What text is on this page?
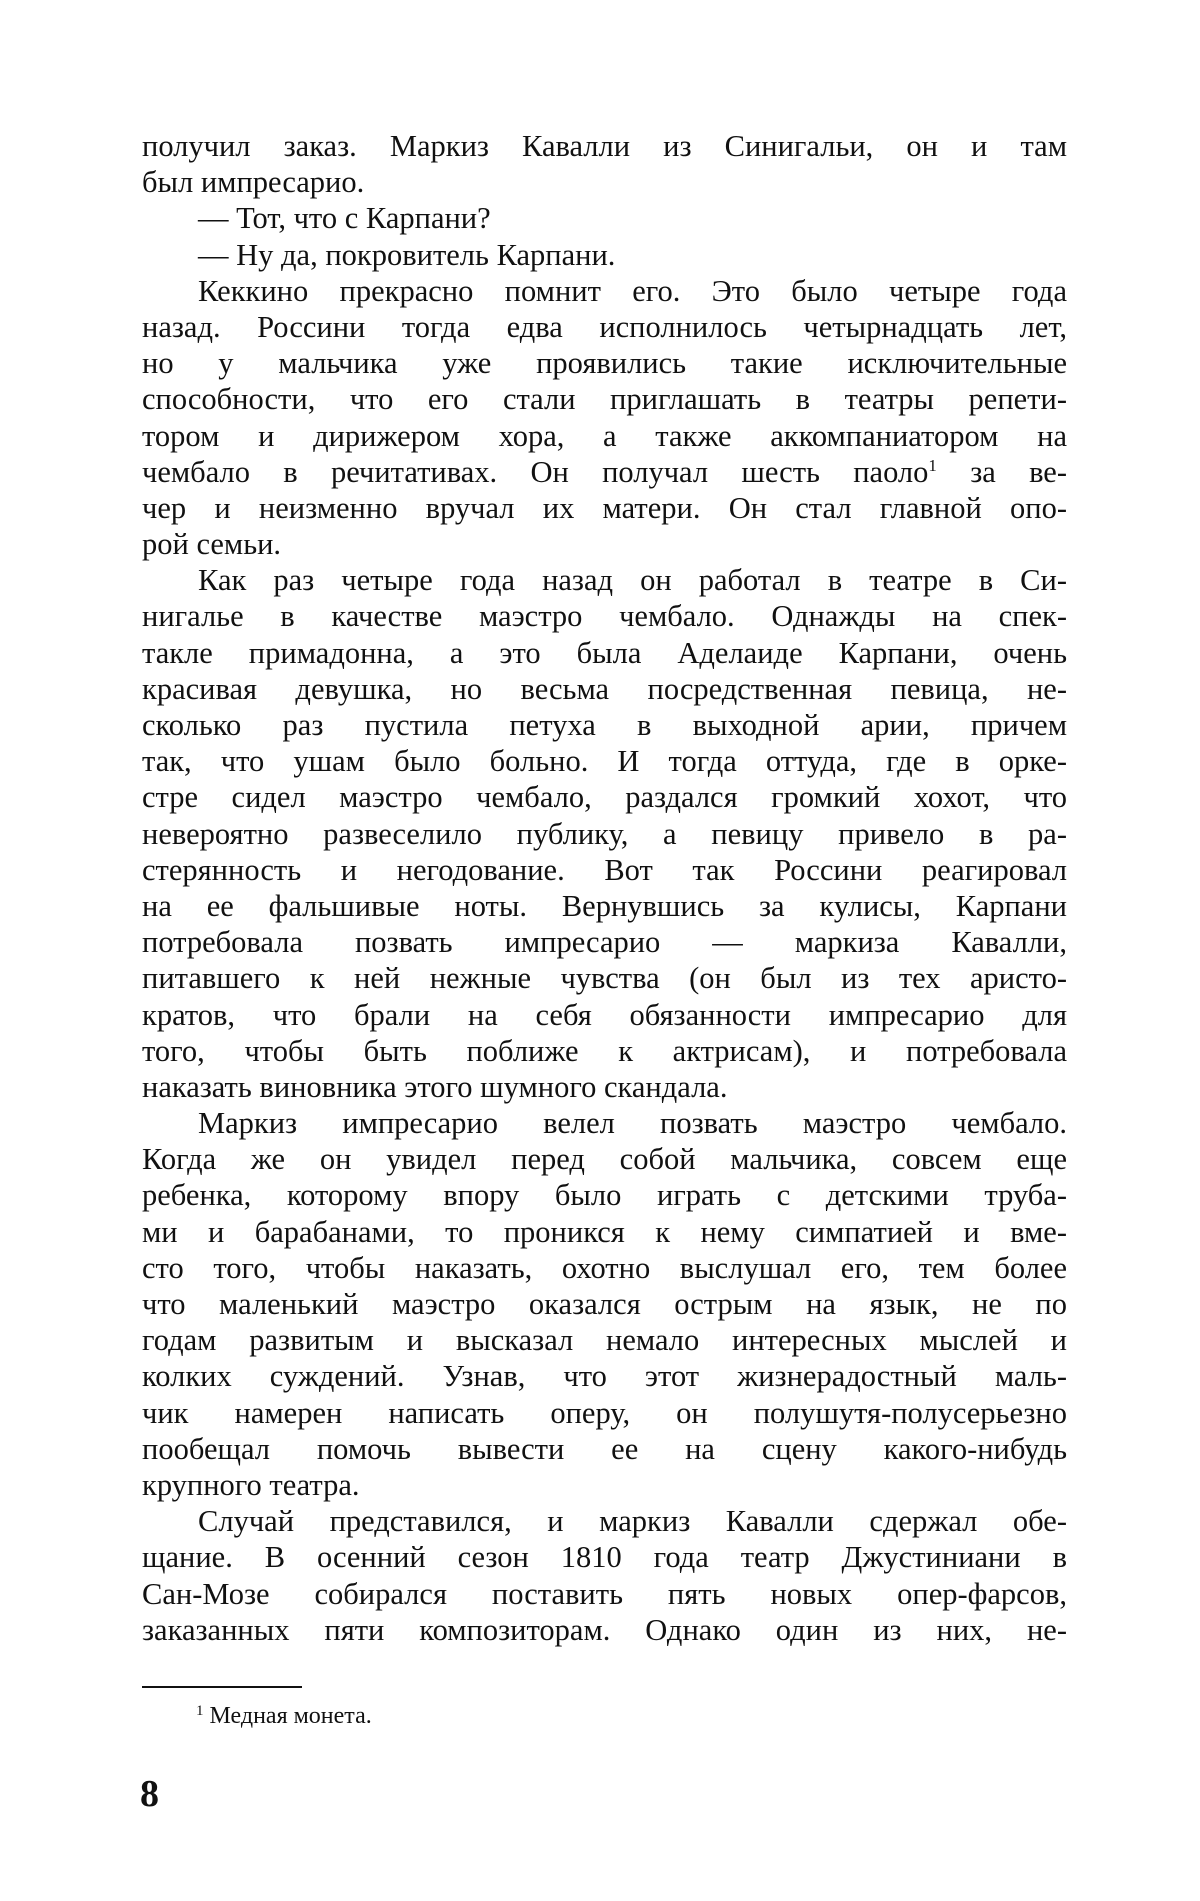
получил заказ. Маркиз Кавалли из Синигальи, он и там
был импресарио.
— Тот, что с Карпани?
— Ну да, покровитель Карпани.
Кеккино прекрасно помнит его. Это было четыре года
назад. Россини тогда едва исполнилось четырнадцать лет,
но у мальчика уже проявились такие исключительные
способности, что его стали приглашать в театры репети-
тором и дирижером хора, а также аккомпаниатором на
чембало в речитативах. Он получал шесть паоло$^1$ за ве-
чер и неизменно вручал их матери. Он стал главной опо-
рой семьи.
Как раз четыре года назад он работал в театре в Си-
нигалье в качестве маэстро чембало. Однажды на спек-
такле примадонна, а это была Аделаиде Карпани, очень
красивая девушка, но весьма посредственная певица, не-
сколько раз пустила петуха в выходной арии, причем
так, что ушам было больно. И тогда оттуда, где в орке-
стре сидел маэстро чембало, раздался громкий хохот, что
невероятно развеселило публику, а певицу привело в ра-
стерянность и негодование. Вот так Россини реагировал
на ее фальшивые ноты. Вернувшись за кулисы, Карпани
потребовала позвать импресарио — маркиза Кавалли,
питавшего к ней нежные чувства (он был из тех аристо-
кратов, что брали на себя обязанности импресарио для
того, чтобы быть поближе к актрисам), и потребовала
наказать виновника этого шумного скандала.
Маркиз импресарио велел позвать маэстро чембало.
Когда же он увидел перед собой мальчика, совсем еще
ребенка, которому впору было играть с детскими труба-
ми и барабанами, то проникся к нему симпатией и вме-
сто того, чтобы наказать, охотно выслушал его, тем более
что маленький маэстро оказался острым на язык, не по
годам развитым и высказал немало интересных мыслей и
колких суждений. Узнав, что этот жизнерадостный маль-
чик намерен написать оперу, он полушутя-полусерьезно
пообещал помочь вывести ее на сцену какого-нибудь
крупного театра.
Случай представился, и маркиз Кавалли сдержал обе-
щание. В осенний сезон 1810 года театр Джустиниани в
Сан-Мозе собирался поставить пять новых опер-фарсов,
заказанных пяти композиторам. Однако один из них, не-
$^1$ Медная монета.
8
